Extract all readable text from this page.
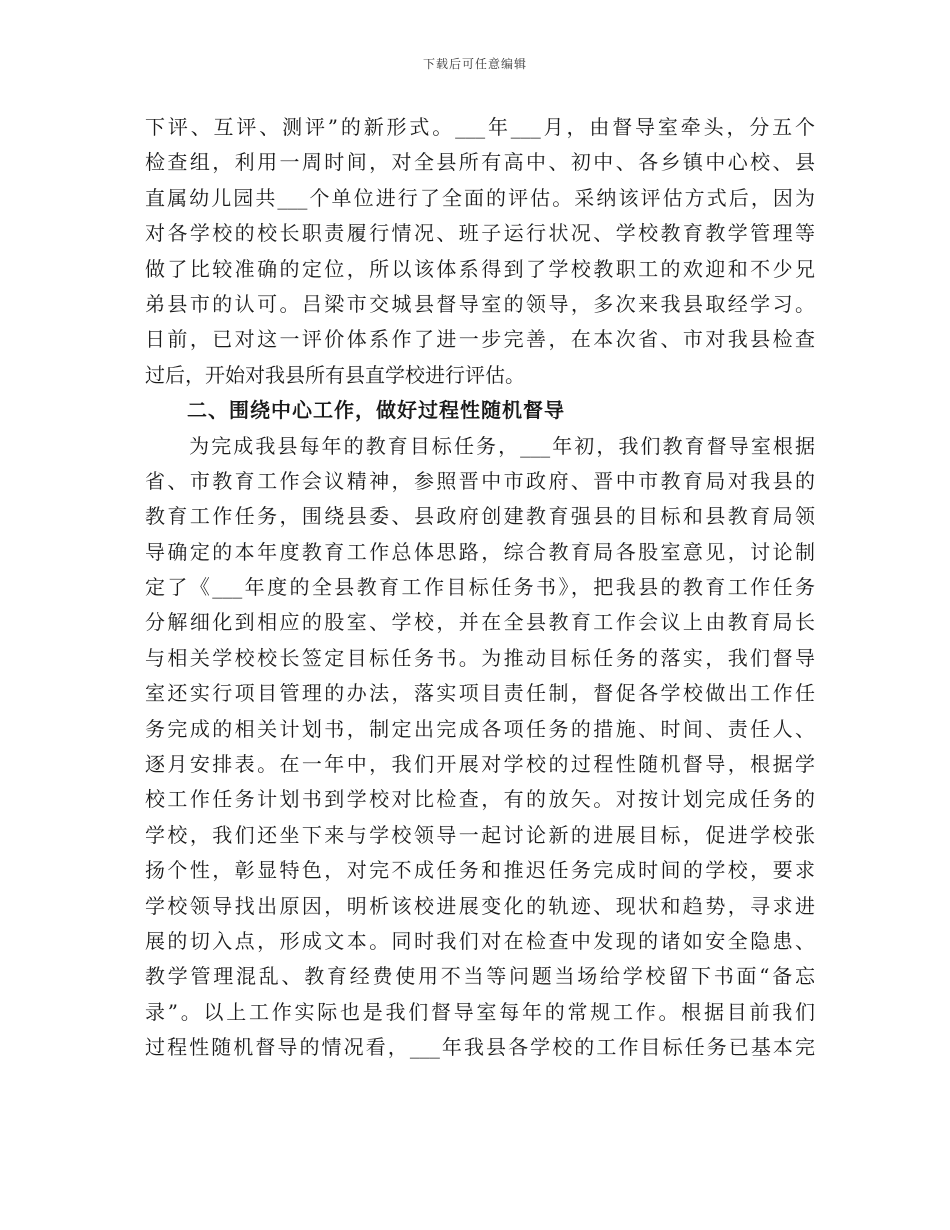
下载后可任意编辑
下评、互评、测评”的新形式。___年___月，由督导室牵头，分五个
检查组，利用一周时间，对全县所有高中、初中、各乡镇中心校、县
直属幼儿园共___个单位进行了全面的评估。采纳该评估方式后，因为
对各学校的校长职责履行情况、班子运行状况、学校教育教学管理等
做了比较准确的定位，所以该体系得到了学校教职工的欢迎和不少兄
弟县市的认可。吕梁市交城县督导室的领导，多次来我县取经学习。
日前，已对这一评价体系作了进一步完善，在本次省、市对我县检查
过后，开始对我县所有县直学校进行评估。
二、围绕中心工作，做好过程性随机督导
　　为完成我县每年的教育目标任务，___年初，我们教育督导室根据
省、市教育工作会议精神，参照晋中市政府、晋中市教育局对我县的
教育工作任务，围绕县委、县政府创建教育强县的目标和县教育局领
导确定的本年度教育工作总体思路，综合教育局各股室意见，讨论制
定了《___年度的全县教育工作目标任务书》，把我县的教育工作任务
分解细化到相应的股室、学校，并在全县教育工作会议上由教育局长
与相关学校校长签定目标任务书。为推动目标任务的落实，我们督导
室还实行项目管理的办法，落实项目责任制，督促各学校做出工作任
务完成的相关计划书，制定出完成各项任务的措施、时间、责任人、
逐月安排表。在一年中，我们开展对学校的过程性随机督导，根据学
校工作任务计划书到学校对比检查，有的放矢。对按计划完成任务的
学校，我们还坐下来与学校领导一起讨论新的进展目标，促进学校张
扬个性，彰显特色，对完不成任务和推迟任务完成时间的学校，要求
学校领导找出原因，明析该校进展变化的轨迹、现状和趋势，寻求进
展的切入点，形成文本。同时我们对在检查中发现的诸如安全隐患、
教学管理混乱、教育经费使用不当等问题当场给学校留下书面“备忘
录”。以上工作实际也是我们督导室每年的常规工作。根据目前我们
过程性随机督导的情况看，___年我县各学校的工作目标任务已基本完
